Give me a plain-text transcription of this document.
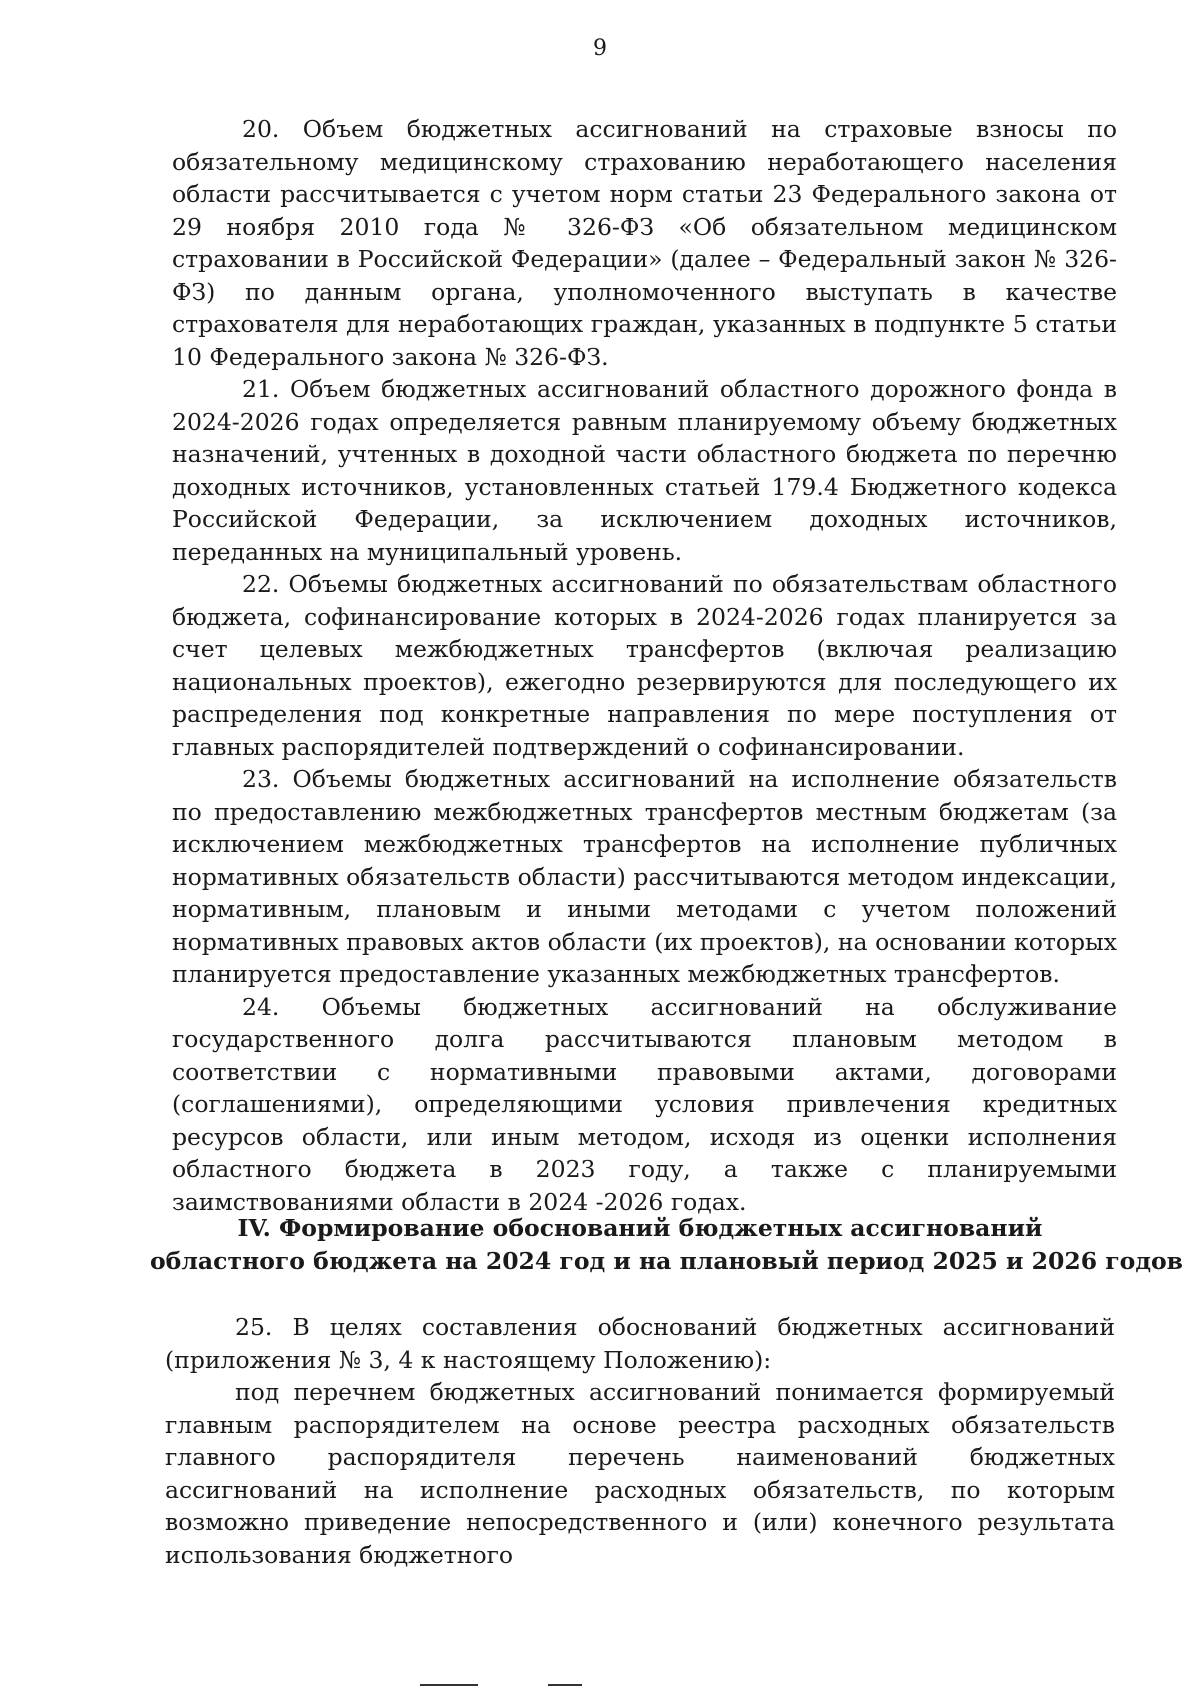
9

20. Объем бюджетных ассигнований на страховые взносы по обязательному медицинскому страхованию неработающего населения области рассчитывается с учетом норм статьи 23 Федерального закона от 29 ноября 2010 года № 326-ФЗ «Об обязательном медицинском страховании в Российской Федерации» (далее – Федеральный закон № 326-ФЗ) по данным органа, уполномоченного выступать в качестве страхователя для неработающих граждан, указанных в подпункте 5 статьи 10 Федерального закона № 326-ФЗ.

21. Объем бюджетных ассигнований областного дорожного фонда в 2024-2026 годах определяется равным планируемому объему бюджетных назначений, учтенных в доходной части областного бюджета по перечню доходных источников, установленных статьей 179.4 Бюджетного кодекса Российской Федерации, за исключением доходных источников, переданных на муниципальный уровень.

22. Объемы бюджетных ассигнований по обязательствам областного бюджета, софинансирование которых в 2024-2026 годах планируется за счет целевых межбюджетных трансфертов (включая реализацию национальных проектов), ежегодно резервируются для последующего их распределения под конкретные направления по мере поступления от главных распорядителей подтверждений о софинансировании.

23. Объемы бюджетных ассигнований на исполнение обязательств по предоставлению межбюджетных трансфертов местным бюджетам (за исключением межбюджетных трансфертов на исполнение публичных нормативных обязательств области) рассчитываются методом индексации, нормативным, плановым и иными методами с учетом положений нормативных правовых актов области (их проектов), на основании которых планируется предоставление указанных межбюджетных трансфертов.

24. Объемы бюджетных ассигнований на обслуживание государственного долга рассчитываются плановым методом в соответствии с нормативными правовыми актами, договорами (соглашениями), определяющими условия привлечения кредитных ресурсов области, или иным методом, исходя из оценки исполнения областного бюджета в 2023 году, а также с планируемыми заимствованиями области в 2024 -2026 годах.

IV. Формирование обоснований бюджетных ассигнований
областного бюджета на 2024 год и на плановый период 2025 и 2026 годов

25. В целях составления обоснований бюджетных ассигнований (приложения № 3, 4 к настоящему Положению):

под перечнем бюджетных ассигнований понимается формируемый главным распорядителем на основе реестра расходных обязательств главного распорядителя перечень наименований бюджетных ассигнований на исполнение расходных обязательств, по которым возможно приведение непосредственного и (или) конечного результата использования бюджетного
